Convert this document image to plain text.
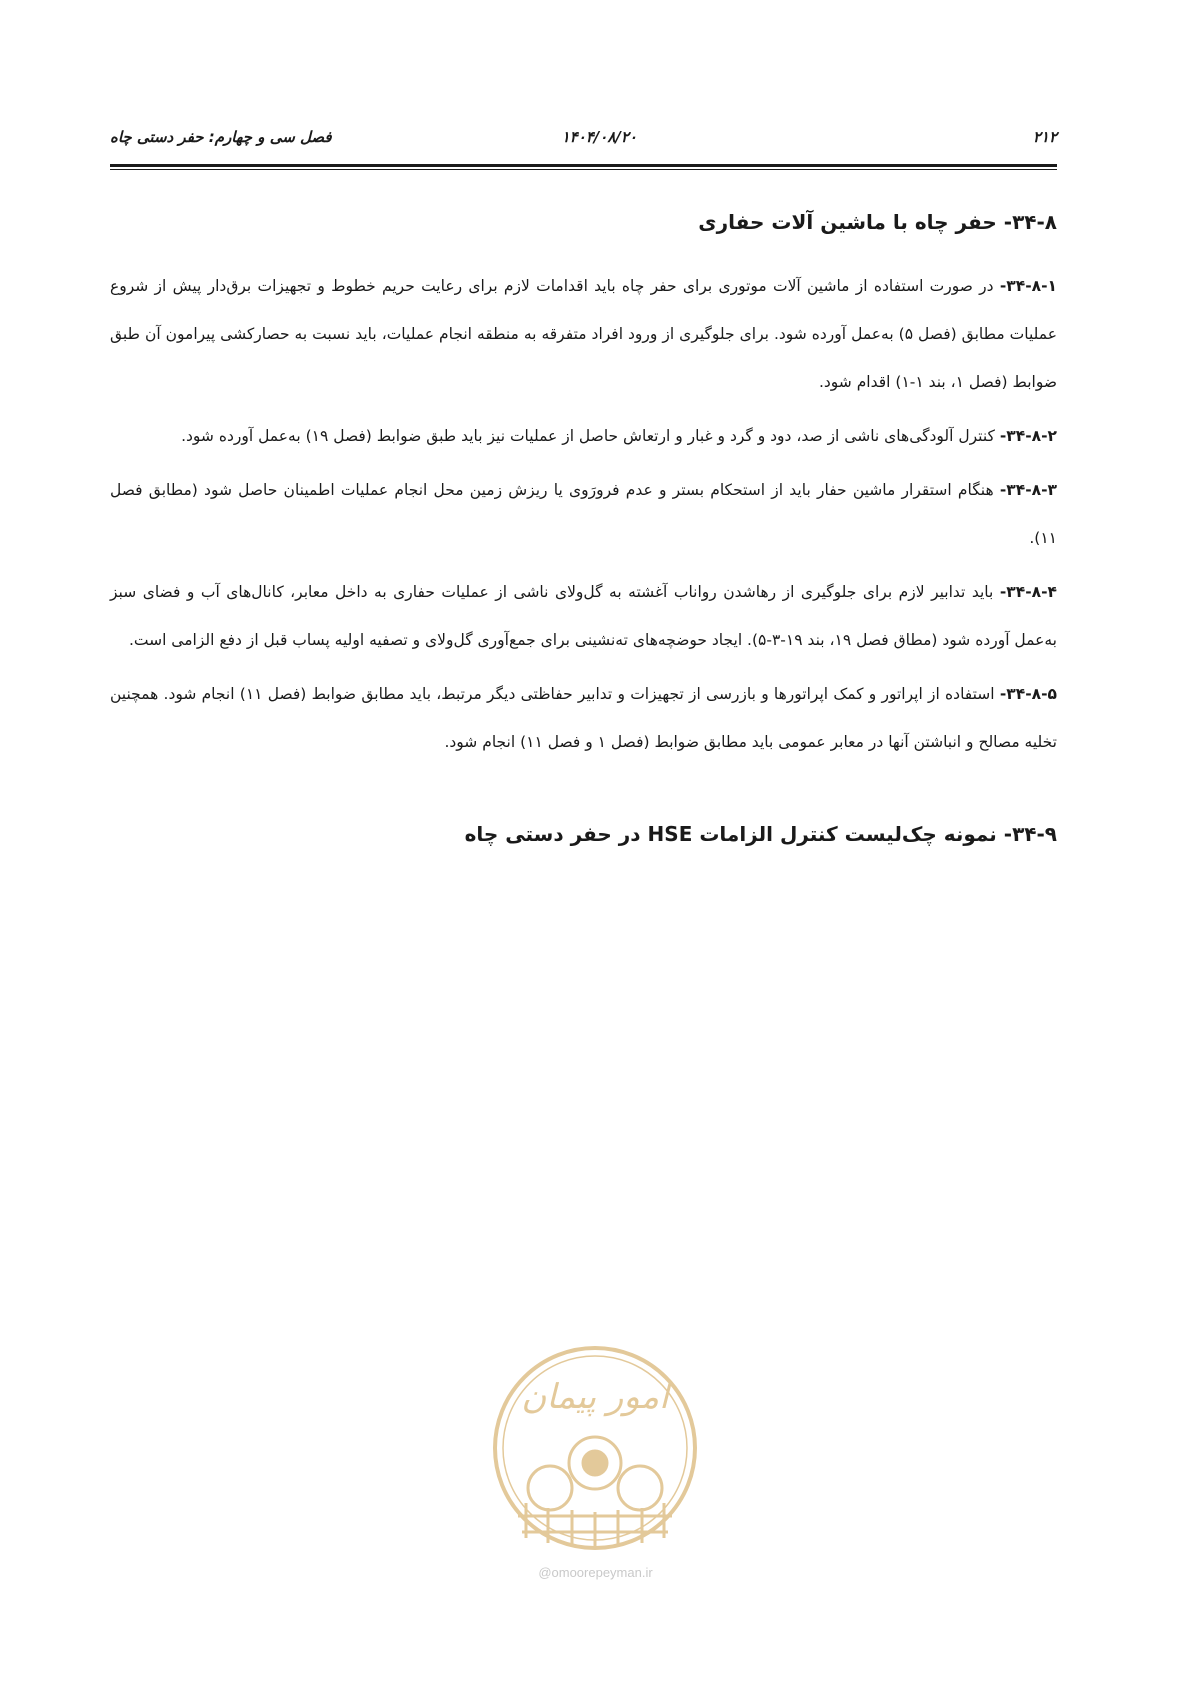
۲۱۲
۱۴۰۴/۰۸/۲۰
فصل سی و چهارم: حفر دستی چاه
۳۴-۸- حفر چاه با ماشین آلات حفاری

۳۴-۸-۱- در صورت استفاده از ماشین آلات موتوری برای حفر چاه باید اقدامات لازم برای رعایت حریم خطوط و تجهیزات برق‌دار پیش از شروع عملیات مطابق (فصل ۵) به‌عمل آورده شود. برای جلوگیری از ورود افراد متفرقه به منطقه انجام عملیات، باید نسبت به حصارکشی پیرامون آن طبق ضوابط (فصل ۱، بند ۱-۱) اقدام شود.

۳۴-۸-۲- کنترل آلودگی‌های ناشی از صد، دود و گرد و غبار و ارتعاش حاصل از عملیات نیز باید طبق ضوابط (فصل ۱۹) به‌عمل آورده شود.

۳۴-۸-۳- هنگام استقرار ماشین حفار باید از استحکام بستر و عدم فرورَوی یا ریزش زمین محل انجام عملیات اطمینان حاصل شود (مطابق فصل ۱۱).

۳۴-۸-۴- باید تدابیر لازم برای جلوگیری از رهاشدن رواناب آغشته به گل‌ولای ناشی از عملیات حفاری به داخل معابر، کانال‌های آب و فضای سبز به‌عمل آورده شود (مطاق فصل ۱۹، بند ۱۹-۳-۵). ایجاد حوضچه‌های ته‌نشینی برای جمع‌آوری گل‌ولای و تصفیه اولیه پساب قبل از دفع الزامی است.

۳۴-۸-۵- استفاده از اپراتور و کمک اپراتورها و بازرسی از تجهیزات و تدابیر حفاظتی دیگر مرتبط، باید مطابق ضوابط (فصل ۱۱) انجام شود. همچنین تخلیه مصالح و انباشتن آنها در معابر عمومی باید مطابق ضوابط (فصل ۱ و فصل ۱۱) انجام شود.

۳۴-۹- نمونه چک‌لیست کنترل الزامات HSE در حفر دستی چاه
امور پیمان
@omoorepeyman.ir
